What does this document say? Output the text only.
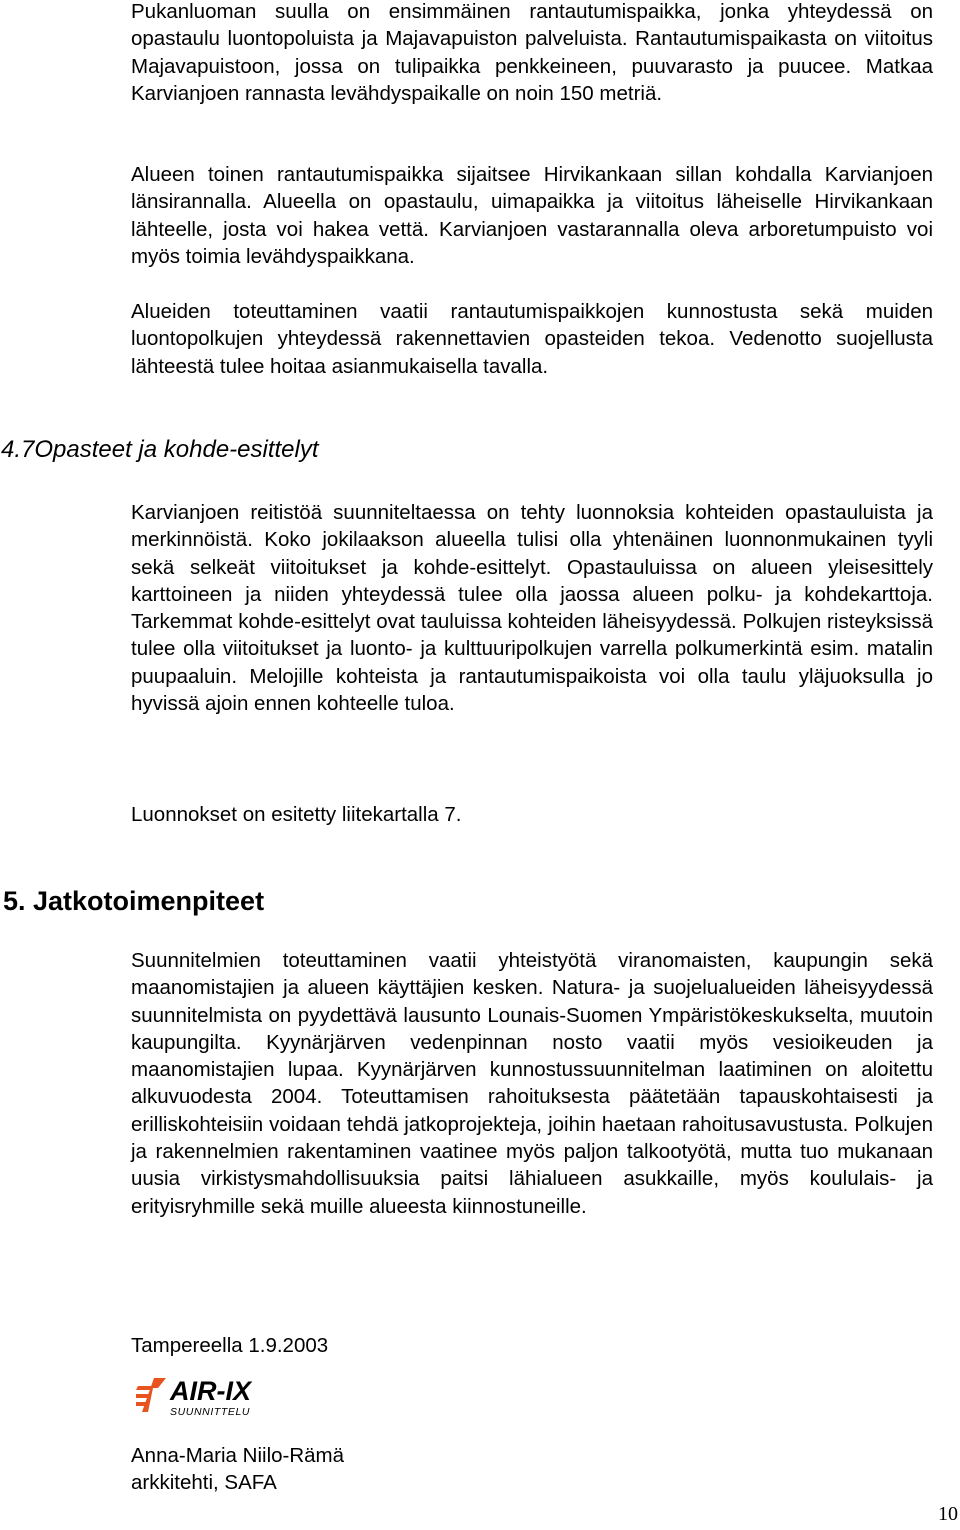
Pukanluoman suulla on ensimmäinen rantautumispaikka, jonka yhteydessä on opastaulu luontopoluista ja Majavapuiston palveluista. Rantautumispaikasta on viitoitus Majavapuistoon, jossa on tulipaikka penkkeineen, puuvarasto ja puucee. Matkaa Karvianjoen rannasta levähdyspaikalle on noin 150 metriä.

Alueen toinen rantautumispaikka sijaitsee Hirvikankaan sillan kohdalla Karvianjoen länsirannalla. Alueella on opastaulu, uimapaikka ja viitoitus läheiselle Hirvikankaan lähteelle, josta voi hakea vettä. Karvianjoen vastarannalla oleva arboretumpuisto voi myös toimia levähdyspaikkana.

Alueiden toteuttaminen vaatii rantautumispaikkojen kunnostusta sekä muiden luontopolkujen yhteydessä rakennettavien opasteiden tekoa. Vedenotto suojellusta lähteestä tulee hoitaa asianmukaisella tavalla.

4.7Opasteet ja kohde-esittelyt

Karvianjoen reitistöä suunniteltaessa on tehty luonnoksia kohteiden opastauluista ja merkinnöistä. Koko jokilaakson alueella tulisi olla yhtenäinen luonnonmukainen tyyli sekä selkeät viitoitukset ja kohde-esittelyt. Opastauluissa on alueen yleisesittely karttoineen ja niiden yhteydessä tulee olla jaossa alueen polku- ja kohdekarttoja. Tarkemmat kohde-esittelyt ovat tauluissa kohteiden läheisyydessä. Polkujen risteyksissä tulee olla viitoitukset ja luonto- ja kulttuuripolkujen varrella polkumerkintä esim. matalin puupaaluin. Melojille kohteista ja rantautumispaikoista voi olla taulu yläjuoksulla jo hyvissä ajoin ennen kohteelle tuloa.

Luonnokset on esitetty liitekartalla 7.

5. Jatkotoimenpiteet

Suunnitelmien toteuttaminen vaatii yhteistyötä viranomaisten, kaupungin sekä maanomistajien ja alueen käyttäjien kesken. Natura- ja suojelualueiden läheisyydessä suunnitelmista on pyydettävä lausunto Lounais-Suomen Ympäristökeskukselta, muutoin kaupungilta. Kyynärjärven vedenpinnan nosto vaatii myös vesioikeuden ja maanomistajien lupaa. Kyynärjärven kunnostussuunnitelman laatiminen on aloitettu alkuvuodesta 2004. Toteuttamisen rahoituksesta päätetään tapauskohtaisesti ja erilliskohteisiin voidaan tehdä jatkoprojekteja, joihin haetaan rahoitusavustusta. Polkujen ja rakennelmien rakentaminen vaatinee myös paljon talkootyötä, mutta tuo mukanaan uusia virkistysmahdollisuuksia paitsi lähialueen asukkaille, myös koululais- ja erityisryhmille sekä muille alueesta kiinnostuneille.

Tampereella 1.9.2003

AIR-IX
SUUNNITTELU

Anna-Maria Niilo-Rämä

arkkitehti, SAFA

10
